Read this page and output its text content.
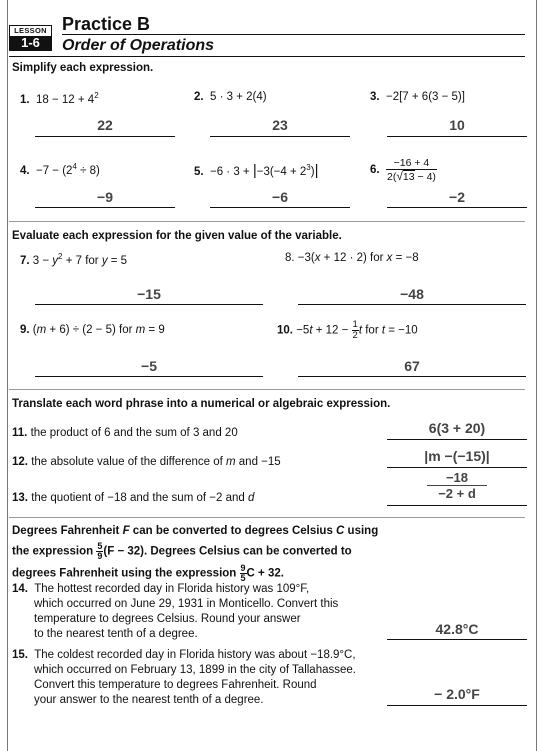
LESSON
1-6
Practice B
Order of Operations
Simplify each expression.
1.  $18 - 12 + 4^2$
22
2.  5 · 3 + 2(4)
23
3.  −2[7 + 6(3 − 5)]
10
4.  $-7 - (2^4 \div 8)$
−9
5.  $-6 \cdot 3 + |-3(-4 + 2^3)|$
−6
6. $\frac{-16 + 4}{2(√13 - 4)}$
−2
Evaluate each expression for the given value of the variable.
7. $3 - y^2 + 7$ for y = 5
−15
8. −3(x + 12 · 2) for x = −8
−48
9. (m + 6) ÷ (2 − 5) for m = 9
−5
10. $-5t + 12 - \frac{1}{2}$ t for t = −10
67
Translate each word phrase into a numerical or algebraic expression.
11. the product of 6 and the sum of 3 and 20	6(3 + 20)
12. the absolute value of the difference of m and −15	|m −(−15)|
13. the quotient of −18 and the sum of −2 and d
−18
−2 + d
Degrees Fahrenheit F can be converted to degrees Celsius C using
the expression $\frac{5}{9} (F - 32)$. Degrees Celsius can be converted to
degrees Fahrenheit using the expression $\frac{9}{5}$ C + 32.
14. The hottest recorded day in Florida history was 109°F,
which occurred on June 29, 1931 in Monticello. Convert this
temperature to degrees Celsius. Round your answer
to the nearest tenth of a degree.	42.8°C
15. The coldest recorded day in Florida history was about −18.9°C,
which occurred on February 13, 1899 in the city of Tallahassee.
Convert this temperature to degrees Fahrenheit. Round
your answer to the nearest tenth of a degree.	− 2.0°F
